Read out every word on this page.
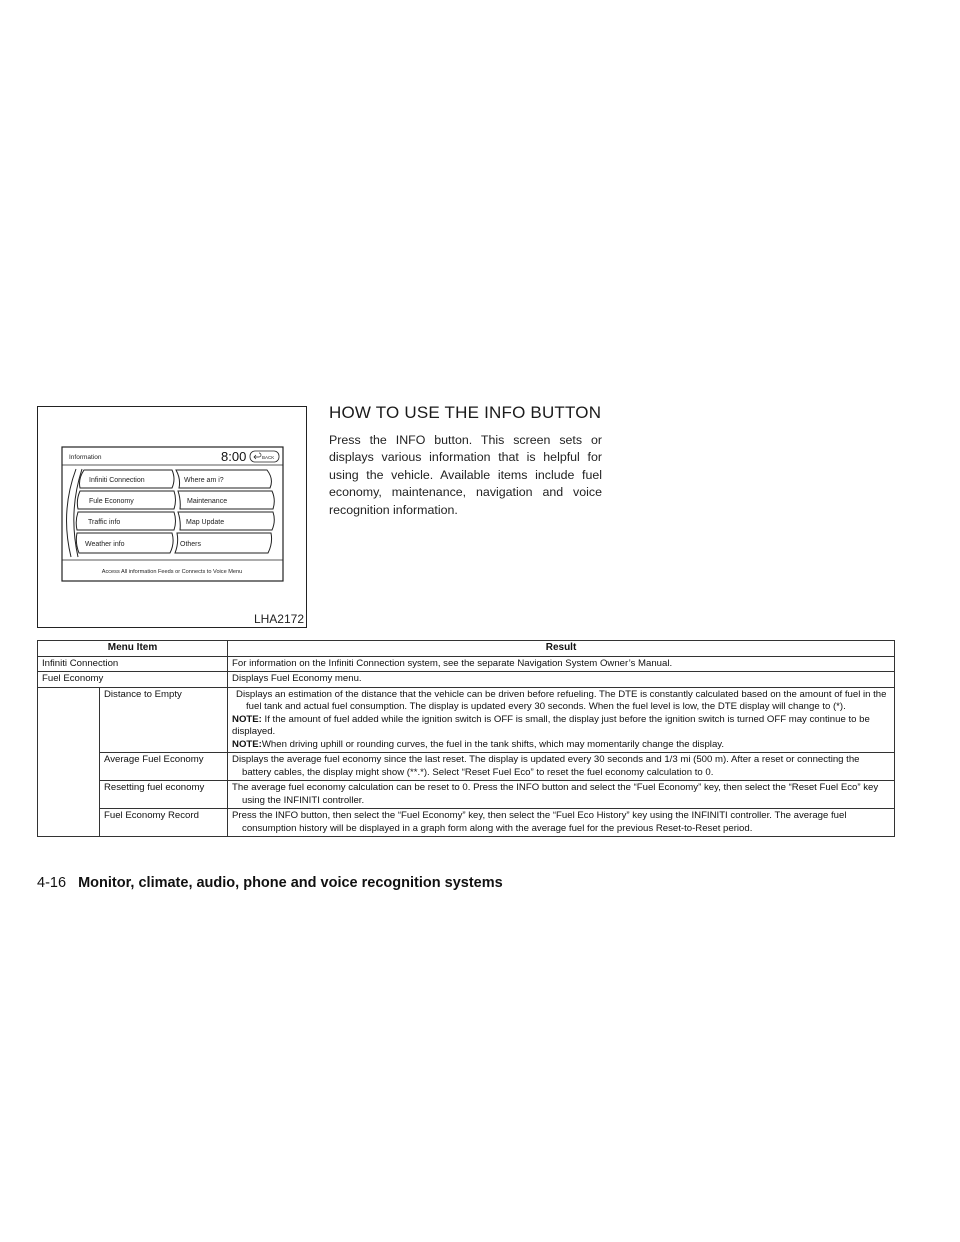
Information	8:00	BACK
Infiniti Connection
Fule Economy
Traffic info
Weather info
Where am i?
Maintenance
Map Update
Others
Access All information Feeds or Connects to Voice Menu
LHA2172
HOW TO USE THE INFO BUTTON

Press the INFO button. This screen sets or displays various information that is helpful for using the vehicle. Available items include fuel economy, maintenance, navigation and voice recognition information.

Menu Item		Result
Infiniti Connection		For information on the Infiniti Connection system, see the separate Navigation System Owner’s Manual.
Fuel Economy		Displays Fuel Economy menu.
	Distance to Empty	Displays an estimation of the distance that the vehicle can be driven before refueling. The DTE is constantly calculated based on the amount of fuel in the fuel tank and actual fuel consumption. The display is updated every 30 seconds. When the fuel level is low, the DTE display will change to (*).
NOTE: If the amount of fuel added while the ignition switch is OFF is small, the display just before the ignition switch is turned OFF may continue to be displayed.
NOTE:When driving uphill or rounding curves, the fuel in the tank shifts, which may momentarily change the display.

	Average Fuel Economy	Displays the average fuel economy since the last reset. The display is updated every 30 seconds and 1/3 mi (500 m). After a reset or connecting the battery cables, the display might show (**.*). Select “Reset Fuel Eco” to reset the fuel economy calculation to 0.
	Resetting fuel economy	The average fuel economy calculation can be reset to 0. Press the INFO button and select the “Fuel Economy” key, then select the “Reset Fuel Eco” key using the INFINITI controller.
	Fuel Economy Record	Press the INFO button, then select the “Fuel Economy” key, then select the “Fuel Eco History” key using the INFINITI controller. The average fuel consumption history will be displayed in a graph form along with the average fuel for the previous Reset-to-Reset period.
4-16 Monitor, climate, audio, phone and voice recognition systems
